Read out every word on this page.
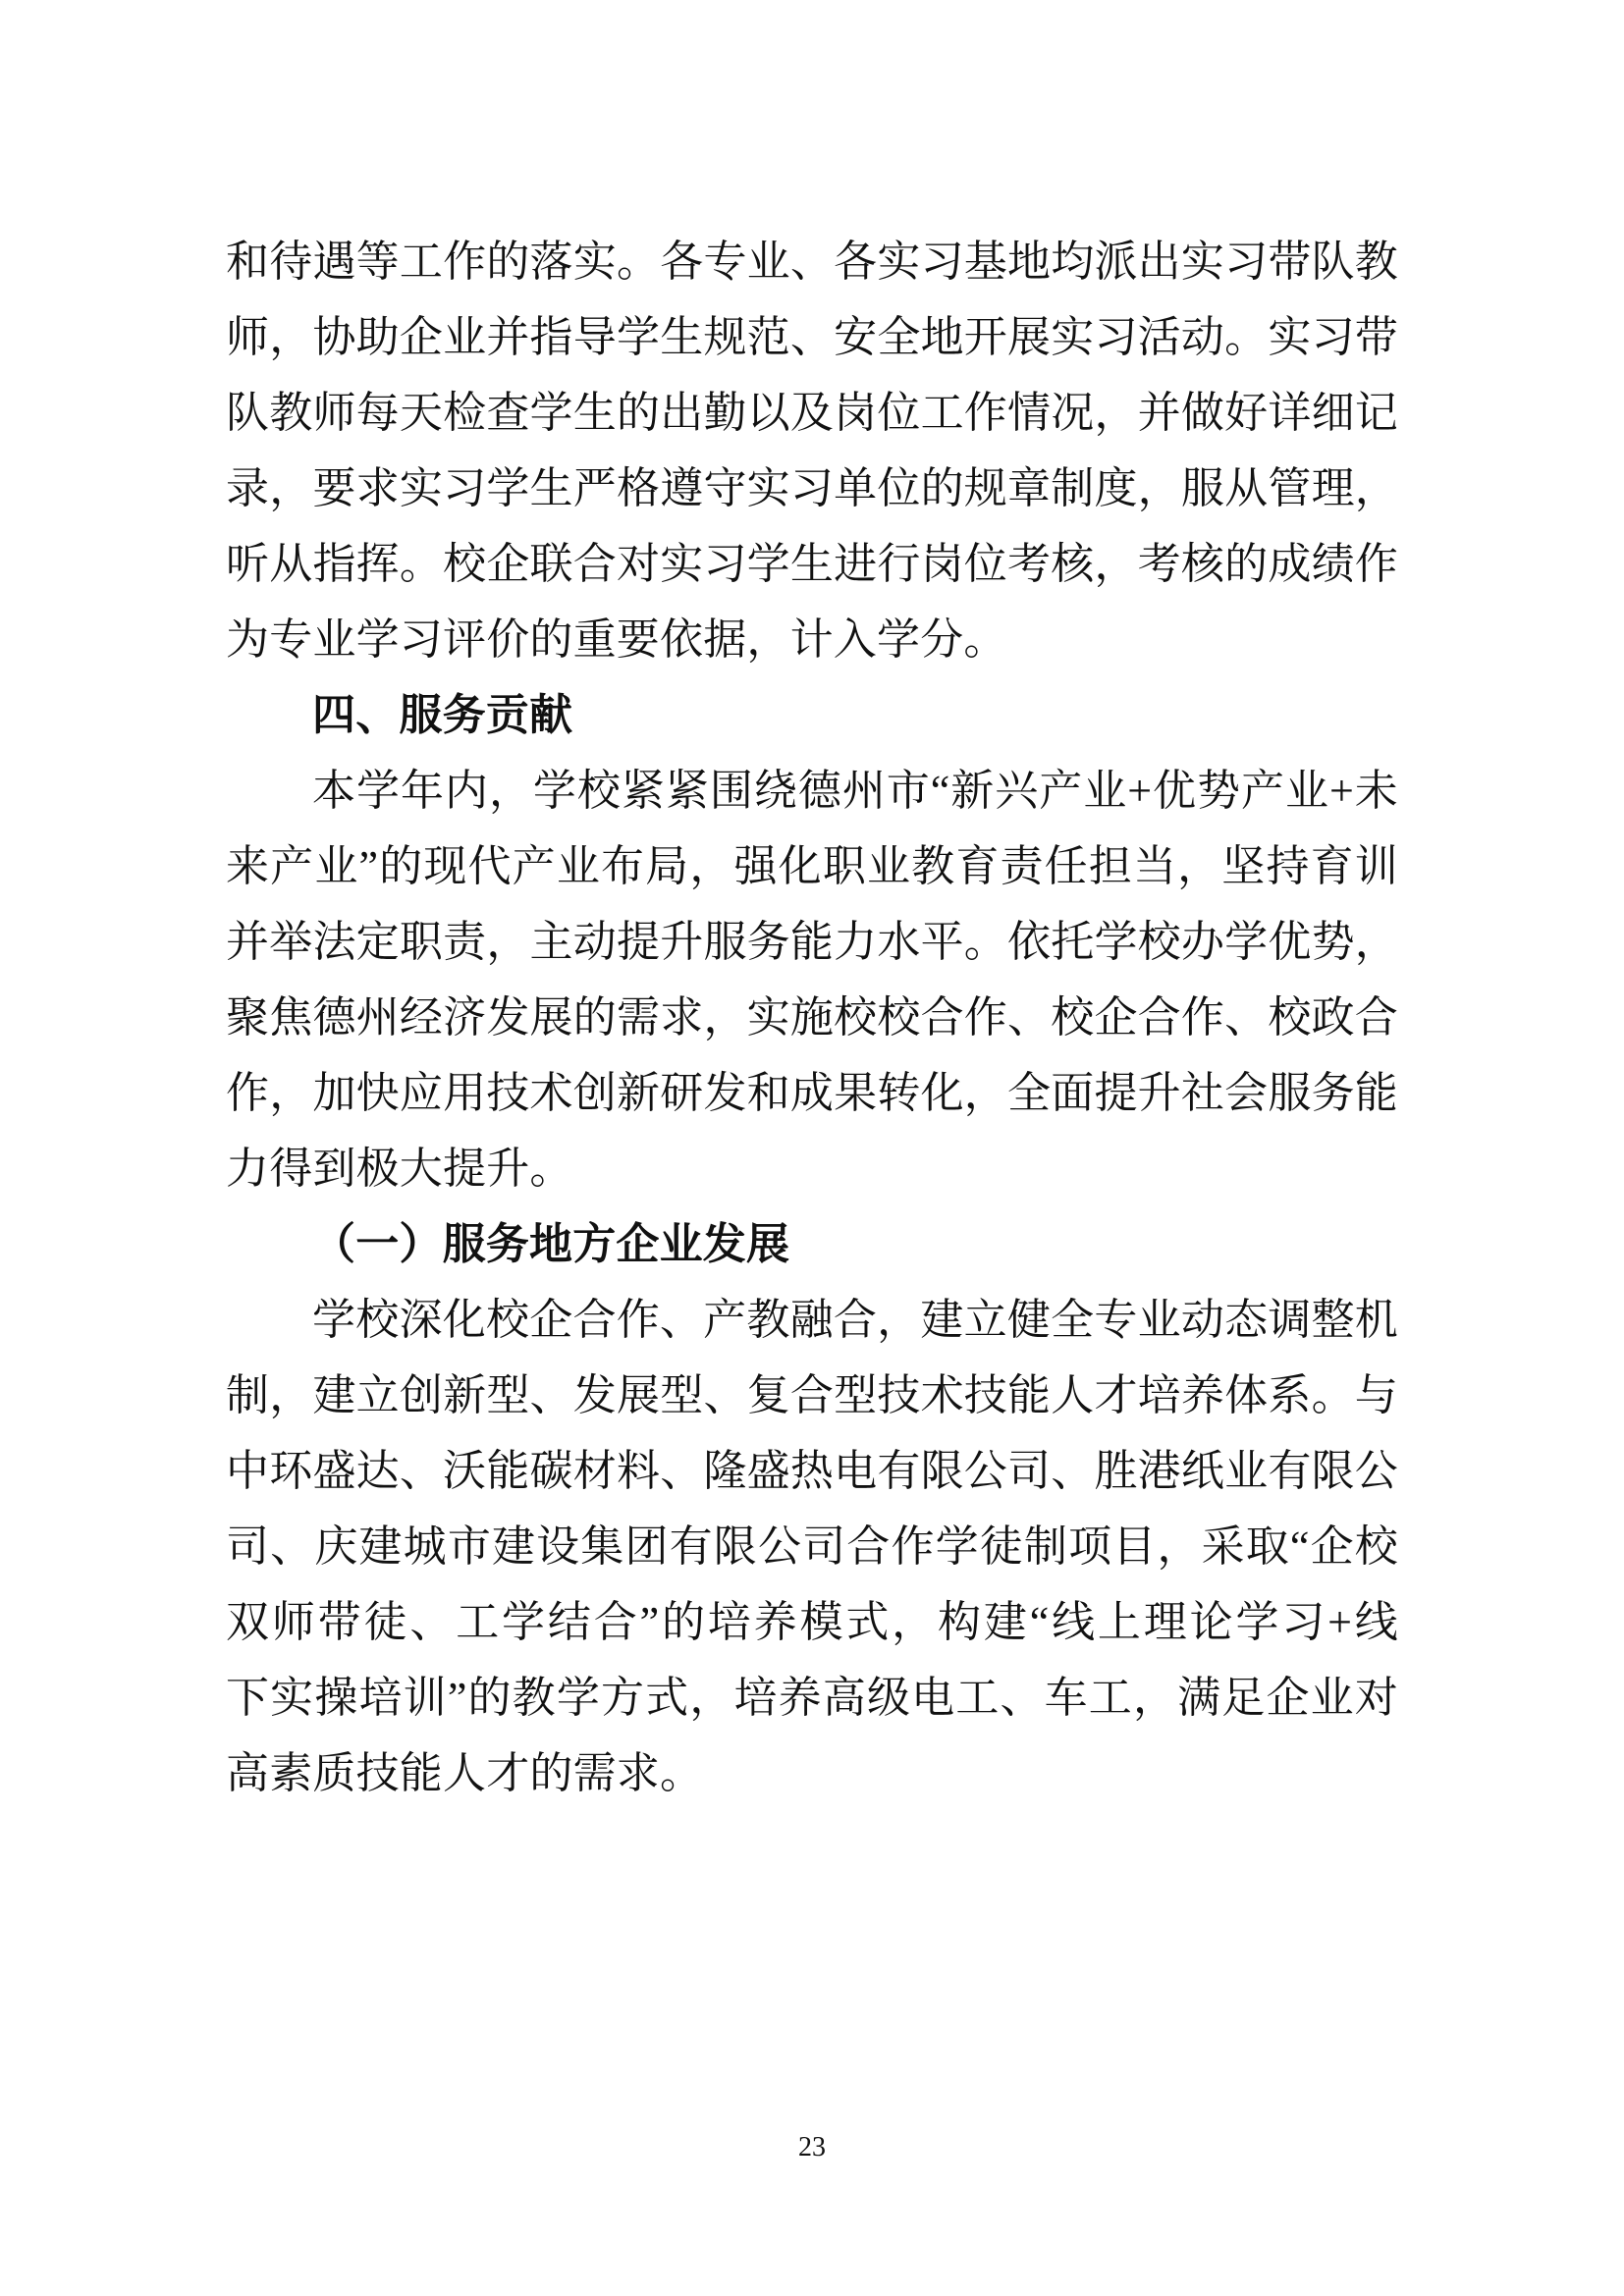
和待遇等工作的落实。各专业、各实习基地均派出实习带队教
师，协助企业并指导学生规范、安全地开展实习活动。实习带
队教师每天检查学生的出勤以及岗位工作情况，并做好详细记
录，要求实习学生严格遵守实习单位的规章制度，服从管理，
听从指挥。校企联合对实习学生进行岗位考核，考核的成绩作
为专业学习评价的重要依据，计入学分。
四、服务贡献
本学年内，学校紧紧围绕德州市“新兴产业+优势产业+未
来产业”的现代产业布局，强化职业教育责任担当，坚持育训
并举法定职责，主动提升服务能力水平。依托学校办学优势，
聚焦德州经济发展的需求，实施校校合作、校企合作、校政合
作，加快应用技术创新研发和成果转化，全面提升社会服务能
力得到极大提升。
（一）服务地方企业发展
学校深化校企合作、产教融合，建立健全专业动态调整机
制，建立创新型、发展型、复合型技术技能人才培养体系。与
中环盛达、沃能碳材料、隆盛热电有限公司、胜港纸业有限公
司、庆建城市建设集团有限公司合作学徒制项目，采取“企校
双师带徒、工学结合”的培养模式，构建“线上理论学习+线
下实操培训”的教学方式，培养高级电工、车工，满足企业对
高素质技能人才的需求。
23
